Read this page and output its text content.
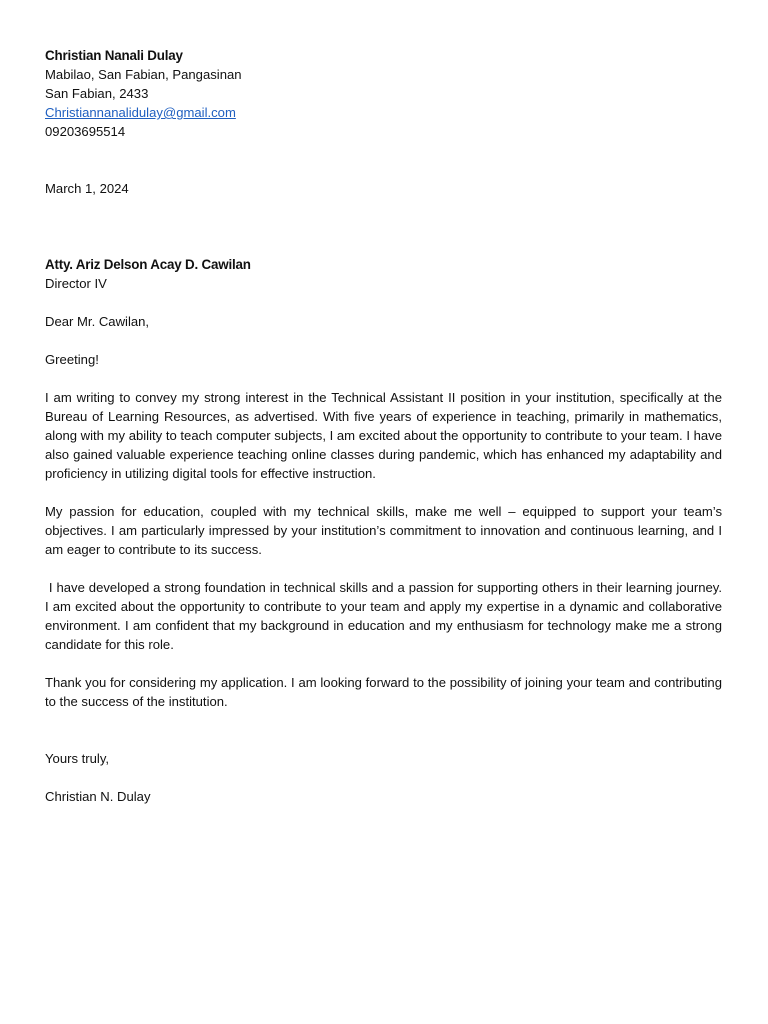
Christian Nanali Dulay
Mabilao, San Fabian, Pangasinan
San Fabian, 2433
Christiannanalidulay@gmail.com
09203695514
March 1, 2024
Atty. Ariz Delson Acay D. Cawilan
Director IV
Dear Mr. Cawilan,
Greeting!

I am writing to convey my strong interest in the Technical Assistant II position in your institution, specifically at the Bureau of Learning Resources, as advertised. With five years of experience in teaching, primarily in mathematics, along with my ability to teach computer subjects, I am excited about the opportunity to contribute to your team. I have also gained valuable experience teaching online classes during pandemic, which has enhanced my adaptability and proficiency in utilizing digital tools for effective instruction.

My passion for education, coupled with my technical skills, make me well – equipped to support your team’s objectives. I am particularly impressed by your institution’s commitment to innovation and continuous learning, and I am eager to contribute to its success.

I have developed a strong foundation in technical skills and a passion for supporting others in their learning journey. I am excited about the opportunity to contribute to your team and apply my expertise in a dynamic and collaborative environment. I am confident that my background in education and my enthusiasm for technology make me a strong candidate for this role.

Thank you for considering my application. I am looking forward to the possibility of joining your team and contributing to the success of the institution.

Yours truly,
Christian N. Dulay
